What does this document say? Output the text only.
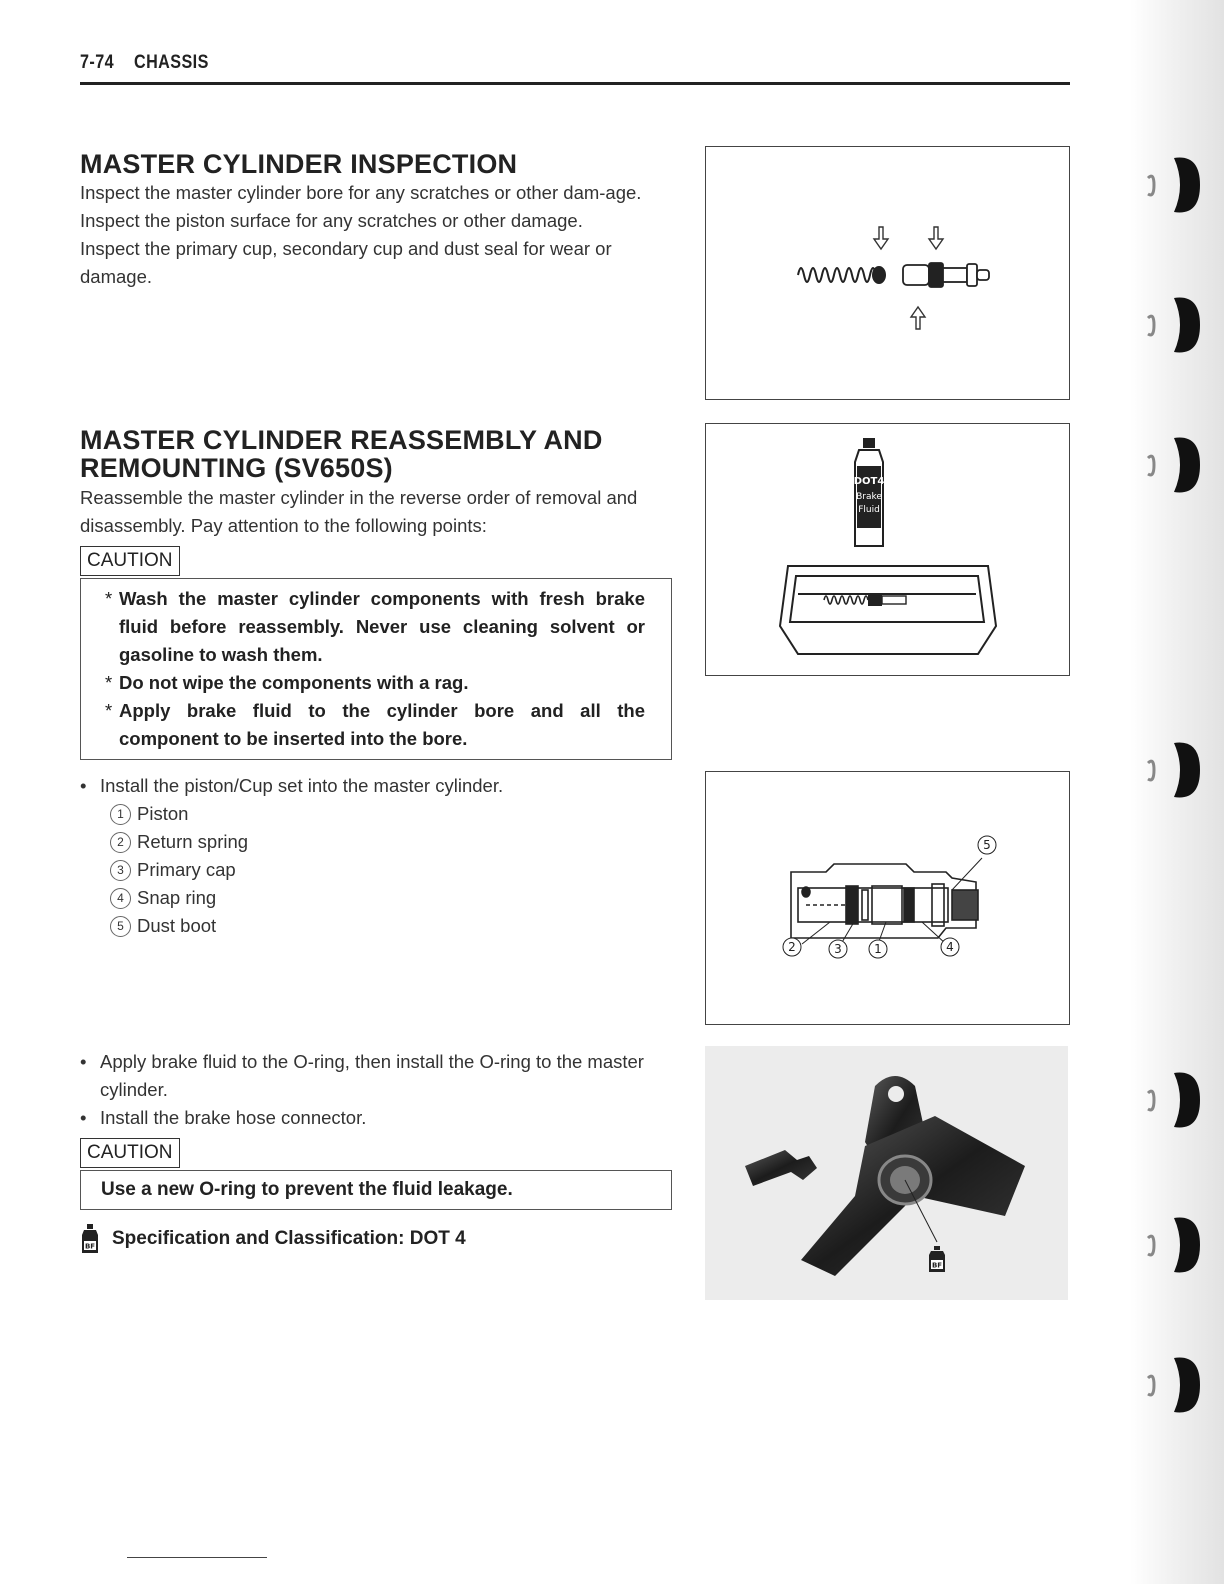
7-74 CHASSIS
MASTER CYLINDER INSPECTION

Inspect the master cylinder bore for any scratches or other dam-age.

Inspect the piston surface for any scratches or other damage.

Inspect the primary cup, secondary cup and dust seal for wear or damage.

MASTER CYLINDER REASSEMBLY AND
REMOUNTING (SV650S)

Reassemble the master cylinder in the reverse order of removal and disassembly. Pay attention to the following points:

CAUTION
* Wash the master cylinder components with fresh brake fluid before reassembly. Never use cleaning solvent or gasoline to wash them.
* Do not wipe the components with a rag.
* Apply brake fluid to the cylinder bore and all the component to be inserted into the bore.
• Install the piston/Cup set into the master cylinder.
1 Piston
2 Return spring
3 Primary cap
4 Snap ring
5 Dust boot
• Apply brake fluid to the O-ring, then install the O-ring to the master cylinder.
• Install the brake hose connector.
CAUTION
Use a new O-ring to prevent the fluid leakage.
BF Specification and Classification: DOT 4
DOT4
Brake
Fluid
5
2	3	1	4
BF
